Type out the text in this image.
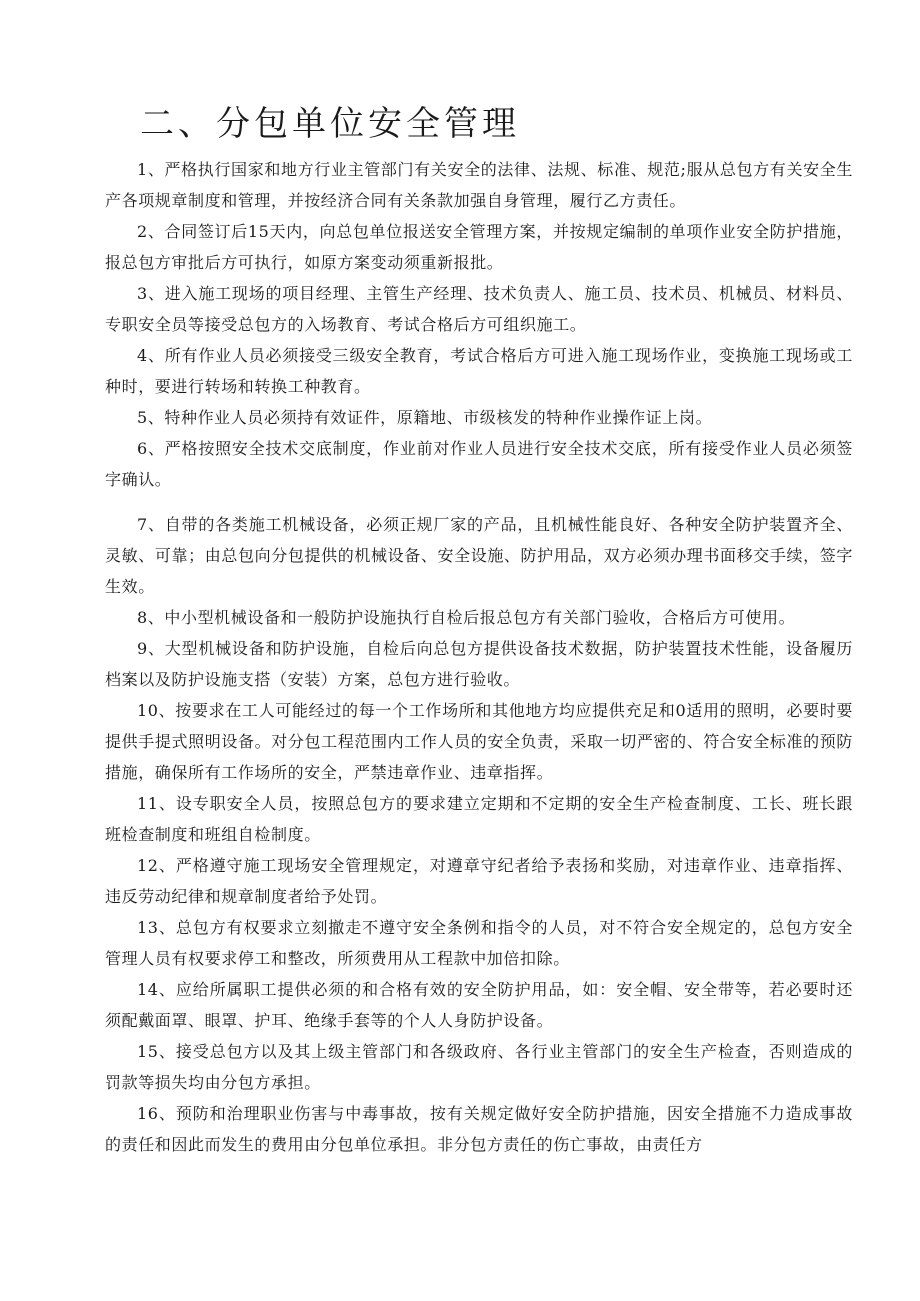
二、分包单位安全管理

1、严格执行国家和地方行业主管部门有关安全的法律、法规、标准、规范;服从总包方有关安全生产各项规章制度和管理，并按经济合同有关条款加强自身管理，履行乙方责任。

2、合同签订后15天内，向总包单位报送安全管理方案，并按规定编制的单项作业安全防护措施，报总包方审批后方可执行，如原方案变动须重新报批。

3、进入施工现场的项目经理、主管生产经理、技术负责人、施工员、技术员、机械员、材料员、专职安全员等接受总包方的入场教育、考试合格后方可组织施工。

4、所有作业人员必须接受三级安全教育，考试合格后方可进入施工现场作业，变换施工现场或工种时，要进行转场和转换工种教育。

5、特种作业人员必须持有效证件，原籍地、市级核发的特种作业操作证上岗。

6、严格按照安全技术交底制度，作业前对作业人员进行安全技术交底，所有接受作业人员必须签字确认。

7、自带的各类施工机械设备，必须正规厂家的产品，且机械性能良好、各种安全防护装置齐全、灵敏、可靠；由总包向分包提供的机械设备、安全设施、防护用品，双方必须办理书面移交手续，签字生效。

8、中小型机械设备和一般防护设施执行自检后报总包方有关部门验收，合格后方可使用。

9、大型机械设备和防护设施，自检后向总包方提供设备技术数据，防护装置技术性能，设备履历档案以及防护设施支搭（安装）方案，总包方进行验收。

10、按要求在工人可能经过的每一个工作场所和其他地方均应提供充足和0适用的照明，必要时要提供手提式照明设备。对分包工程范围内工作人员的安全负责，采取一切严密的、符合安全标准的预防措施，确保所有工作场所的安全，严禁违章作业、违章指挥。

11、设专职安全人员，按照总包方的要求建立定期和不定期的安全生产检查制度、工长、班长跟班检查制度和班组自检制度。

12、严格遵守施工现场安全管理规定，对遵章守纪者给予表扬和奖励，对违章作业、违章指挥、违反劳动纪律和规章制度者给予处罚。

13、总包方有权要求立刻撤走不遵守安全条例和指令的人员，对不符合安全规定的，总包方安全管理人员有权要求停工和整改，所须费用从工程款中加倍扣除。

14、应给所属职工提供必须的和合格有效的安全防护用品，如：安全帽、安全带等，若必要时还须配戴面罩、眼罩、护耳、绝缘手套等的个人人身防护设备。

15、接受总包方以及其上级主管部门和各级政府、各行业主管部门的安全生产检查，否则造成的罚款等损失均由分包方承担。

16、预防和治理职业伤害与中毒事故，按有关规定做好安全防护措施，因安全措施不力造成事故的责任和因此而发生的费用由分包单位承担。非分包方责任的伤亡事故，由责任方
